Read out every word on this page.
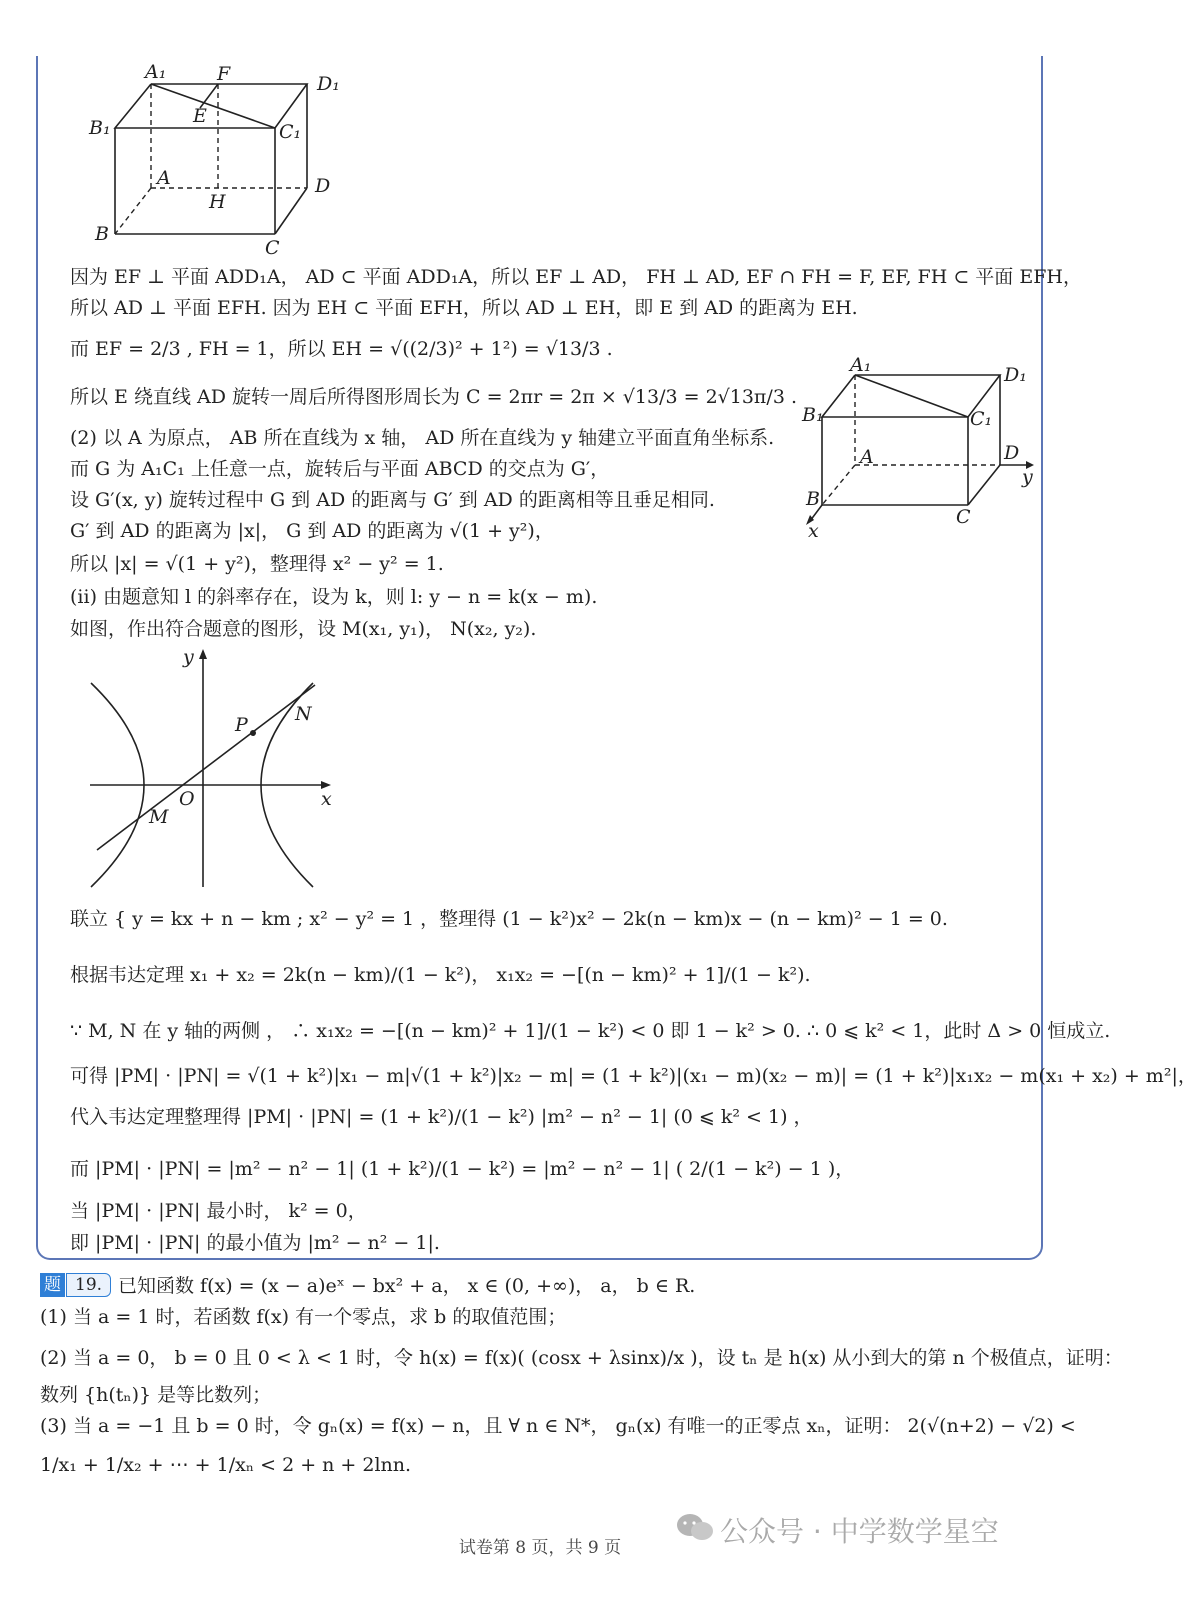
A₁	F	D₁
B₁
E
C₁
A	D
H
B
C
A₁	D₁
B₁	C₁
A	D
y
B
C
x
y
P N
O	x
M
因为 EF ⊥ 平面 ADD₁A， AD ⊂ 平面 ADD₁A，所以 EF ⊥ AD， FH ⊥ AD, EF ∩ FH = F, EF, FH ⊂ 平面 EFH，
所以 AD ⊥ 平面 EFH. 因为 EH ⊂ 平面 EFH，所以 AD ⊥ EH，即 E 到 AD 的距离为 EH.
而 EF = 2/3 , FH = 1，所以 EH = √((2/3)² + 1²) = √13/3 .
所以 E 绕直线 AD 旋转一周后所得图形周长为 C = 2πr = 2π × √13/3 = 2√13π/3 .
(2) 以 A 为原点， AB 所在直线为 x 轴， AD 所在直线为 y 轴建立平面直角坐标系.
而 G 为 A₁C₁ 上任意一点，旋转后与平面 ABCD 的交点为 G′，
设 G′(x, y) 旋转过程中 G 到 AD 的距离与 G′ 到 AD 的距离相等且垂足相同.
G′ 到 AD 的距离为 |x|， G 到 AD 的距离为 √(1 + y²)，
所以 |x| = √(1 + y²)，整理得 x² − y² = 1.
(ii) 由题意知 l 的斜率存在，设为 k，则 l: y − n = k(x − m).
如图，作出符合题意的图形，设 M(x₁, y₁)， N(x₂, y₂).
联立 { y = kx + n − km ; x² − y² = 1 ，整理得 (1 − k²)x² − 2k(n − km)x − (n − km)² − 1 = 0.
根据韦达定理 x₁ + x₂ = 2k(n − km)/(1 − k²)， x₁x₂ = −[(n − km)² + 1]/(1 − k²).
∵ M, N 在 y 轴的两侧 ， ∴ x₁x₂ = −[(n − km)² + 1]/(1 − k²) < 0 即 1 − k² > 0. ∴ 0 ⩽ k² < 1，此时 Δ > 0 恒成立.
可得 |PM| · |PN| = √(1 + k²)|x₁ − m|√(1 + k²)|x₂ − m| = (1 + k²)|(x₁ − m)(x₂ − m)| = (1 + k²)|x₁x₂ − m(x₁ + x₂) + m²|，
代入韦达定理整理得 |PM| · |PN| = (1 + k²)/(1 − k²) |m² − n² − 1| (0 ⩽ k² < 1) ，
而 |PM| · |PN| = |m² − n² − 1| (1 + k²)/(1 − k²) = |m² − n² − 1| ( 2/(1 − k²) − 1 )，
当 |PM| · |PN| 最小时， k² = 0，
即 |PM| · |PN| 的最小值为 |m² − n² − 1|.
题 19. 已知函数 f(x) = (x − a)eˣ − bx² + a， x ∈ (0, +∞)， a， b ∈ R.
(1) 当 a = 1 时，若函数 f(x) 有一个零点，求 b 的取值范围；
(2) 当 a = 0， b = 0 且 0 < λ < 1 时，令 h(x) = f(x)( (cosx + λsinx)/x )，设 tₙ 是 h(x) 从小到大的第 n 个极值点，证明：
数列 {h(tₙ)} 是等比数列；
(3) 当 a = −1 且 b = 0 时，令 gₙ(x) = f(x) − n，且 ∀ n ∈ N*， gₙ(x) 有唯一的正零点 xₙ，证明： 2(√(n+2) − √2) <
1/x₁ + 1/x₂ + ⋯ + 1/xₙ < 2 + n + 2lnn.
公众号 · 中学数学星空
试卷第 8 页，共 9 页
